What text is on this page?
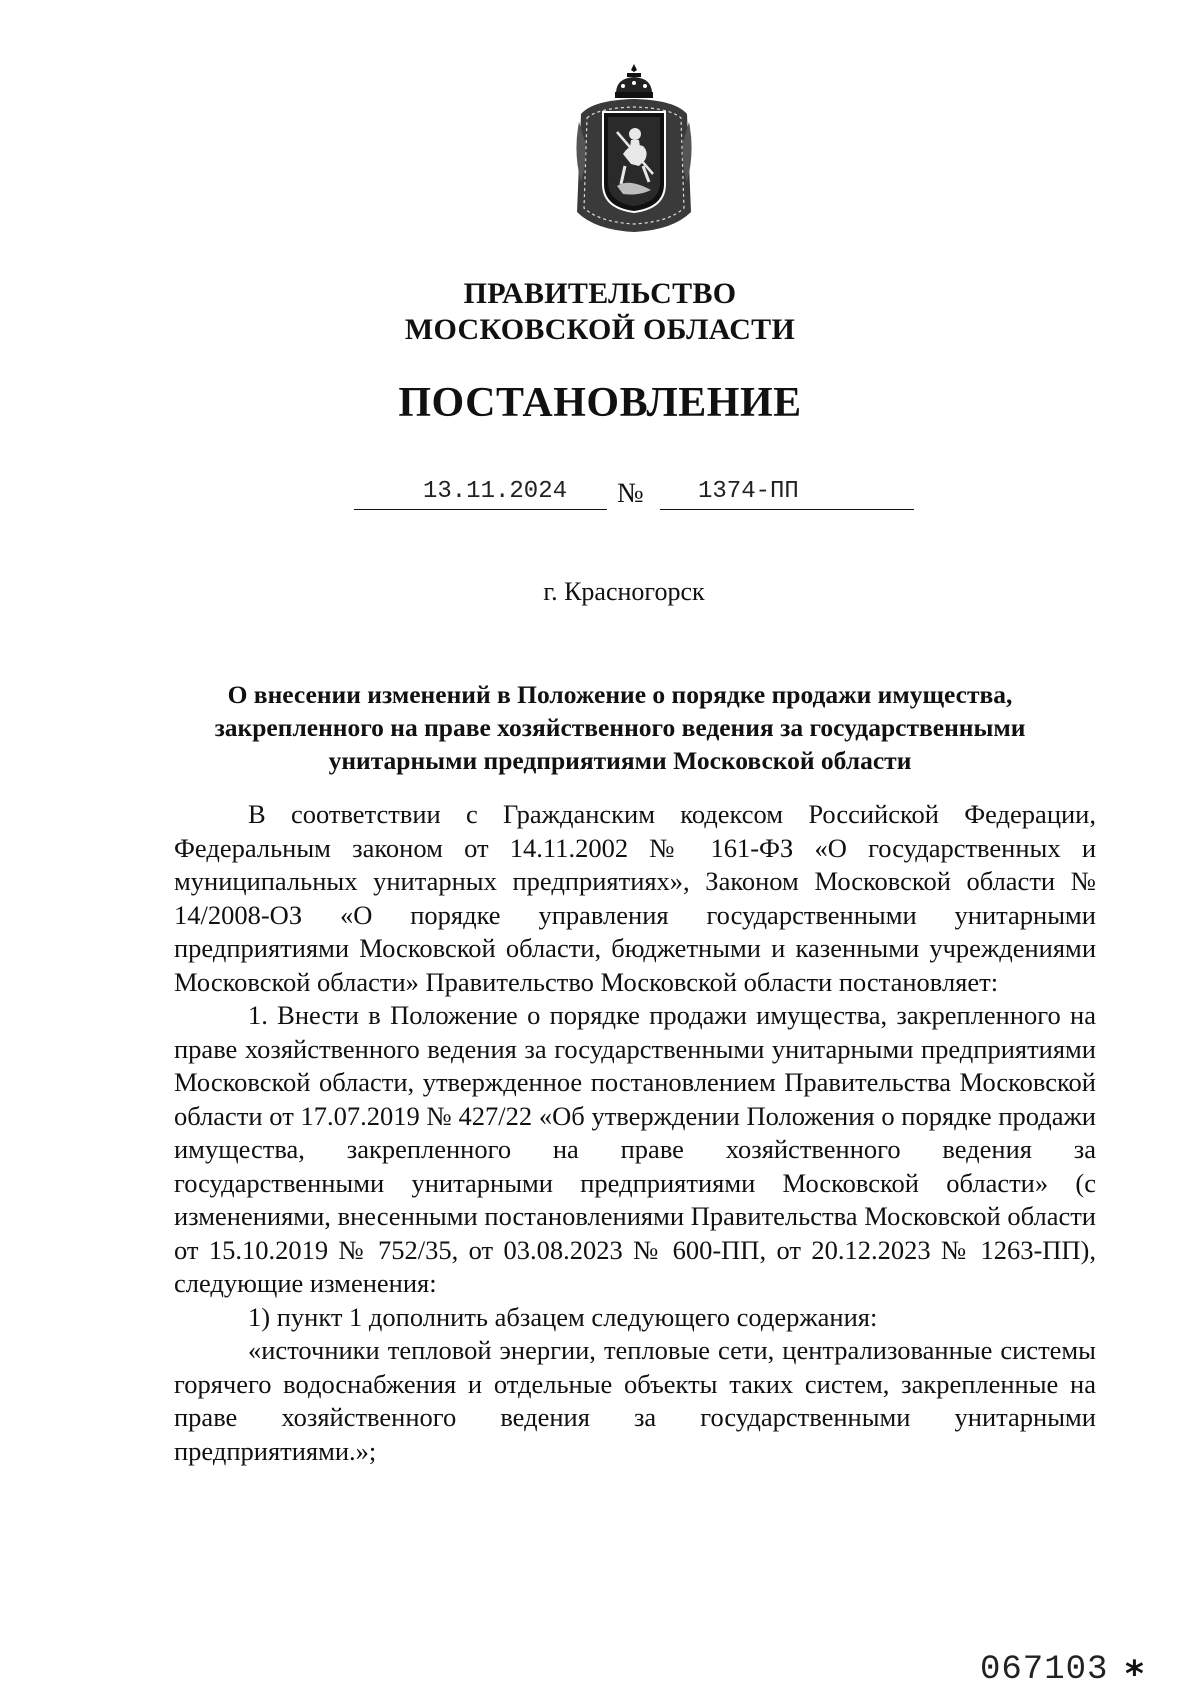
ПРАВИТЕЛЬСТВО
МОСКОВСКОЙ ОБЛАСТИ
ПОСТАНОВЛЕНИЕ
13.11.2024	№	1374-ПП
г. Красногорск
О внесении изменений в Положение о порядке продажи имущества,
закрепленного на праве хозяйственного ведения за государственными
унитарными предприятиями Московской области

В соответствии с Гражданским кодексом Российской Федерации, Федеральным законом от 14.11.2002 № 161-ФЗ «О государственных и муниципальных унитарных предприятиях», Законом Московской области № 14/2008-ОЗ «О порядке управления государственными унитарными предприятиями Московской области, бюджетными и казенными учреждениями Московской области» Правительство Московской области постановляет:

1. Внести в Положение о порядке продажи имущества, закрепленного на праве хозяйственного ведения за государственными унитарными предприятиями Московской области, утвержденное постановлением Правительства Московской области от 17.07.2019 № 427/22 «Об утверждении Положения о порядке продажи имущества, закрепленного на праве хозяйственного ведения за государственными унитарными предприятиями Московской области» (с изменениями, внесенными постановлениями Правительства Московской области от 15.10.2019 № 752/35, от 03.08.2023 № 600-ПП, от 20.12.2023 № 1263-ПП), следующие изменения:

1) пункт 1 дополнить абзацем следующего содержания:

«источники тепловой энергии, тепловые сети, централизованные системы горячего водоснабжения и отдельные объекты таких систем, закрепленные на праве хозяйственного ведения за государственными унитарными предприятиями.»;

067103 *
